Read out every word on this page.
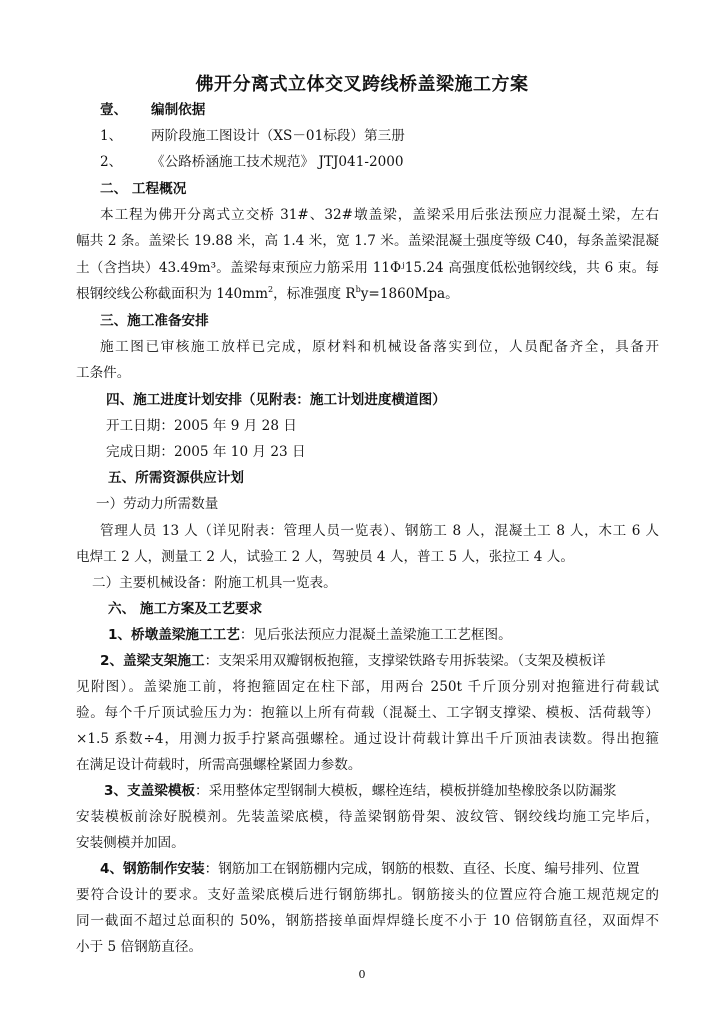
佛开分离式立体交叉跨线桥盖梁施工方案
壹、 编制依据
1、 两阶段施工图设计（XS－01标段）第三册
2、 《公路桥涵施工技术规范》 JTJ041-2000
二、 工程概况
本工程为佛开分离式立交桥 31#、32#墩盖梁，盖梁采用后张法预应力混凝土梁，左右
幅共 2 条。盖梁长 19.88 米，高 1.4 米，宽 1.7 米。盖梁混凝土强度等级 C40，每条盖梁混凝
土（含挡块）43.49m³。盖梁每束预应力筋采用 11Φʲ15.24 高强度低松弛钢绞线，共 6 束。每
根钢绞线公称截面积为 $140mm^2$，标准强度 $R^by=1860Mpa$。
三、施工准备安排
施工图已审核施工放样已完成，原材料和机械设备落实到位，人员配备齐全，具备开
工条件。
四、施工进度计划安排（见附表：施工计划进度横道图）
开工日期：2005 年 9 月 28 日
完成日期：2005 年 10 月 23 日
五、所需资源供应计划
一）劳动力所需数量
管理人员 13 人（详见附表：管理人员一览表）、钢筋工 8 人，混凝土工 8 人，木工 6 人
电焊工 2 人，测量工 2 人，试验工 2 人，驾驶员 4 人，普工 5 人，张拉工 4 人。
二）主要机械设备：附施工机具一览表。
六、 施工方案及工艺要求
1、桥墩盖梁施工工艺：见后张法预应力混凝土盖梁施工工艺框图。
2、盖梁支架施工：支架采用双瓣钢板抱箍，支撑梁铁路专用拆装梁。（支架及模板详
见附图）。盖梁施工前，将抱箍固定在柱下部，用两台 250t 千斤顶分别对抱箍进行荷载试
验。每个千斤顶试验压力为：抱箍以上所有荷载（混凝土、工字钢支撑梁、模板、活荷载等）
×1.5 系数÷4，用测力扳手拧紧高强螺栓。通过设计荷载计算出千斤顶油表读数。得出抱箍
在满足设计荷载时，所需高强螺栓紧固力参数。
3、支盖梁模板：采用整体定型钢制大模板，螺栓连结，模板拼缝加垫橡胶条以防漏浆
安装模板前涂好脱模剂。先装盖梁底模，待盖梁钢筋骨架、波纹管、钢绞线均施工完毕后，
安装侧模并加固。
4、钢筋制作安装：钢筋加工在钢筋棚内完成，钢筋的根数、直径、长度、编号排列、位置
要符合设计的要求。支好盖梁底模后进行钢筋绑扎。钢筋接头的位置应符合施工规范规定的
同一截面不超过总面积的 50%，钢筋搭接单面焊焊缝长度不小于 10 倍钢筋直径，双面焊不
小于 5 倍钢筋直径。
0
